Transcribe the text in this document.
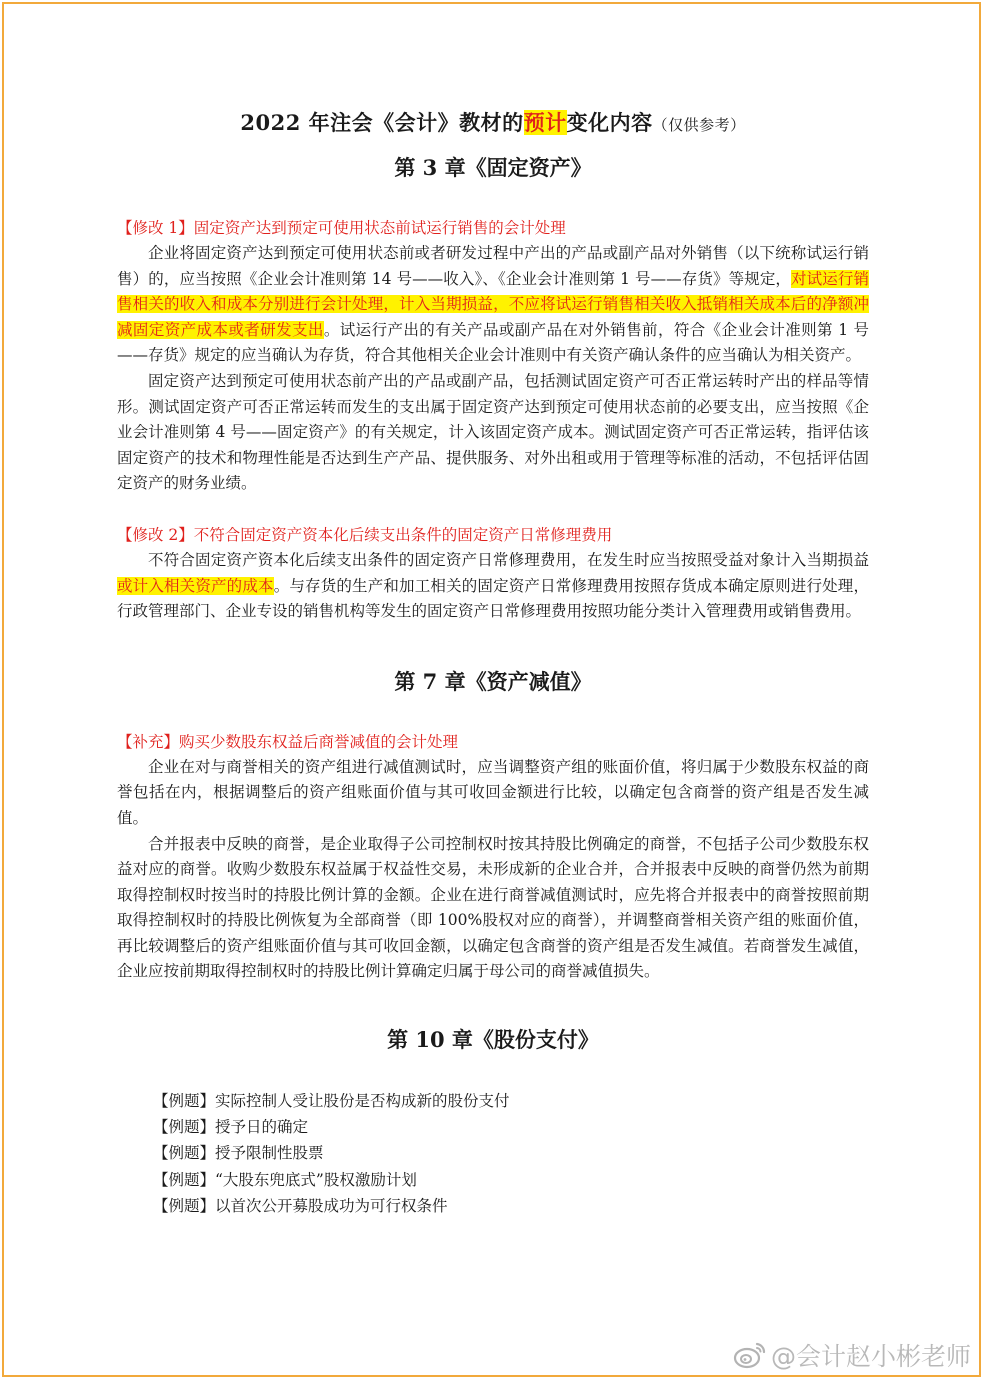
2022 年注会《会计》教材的预计变化内容（仅供参考）
第 3 章《固定资产》

【修改 1】固定资产达到预定可使用状态前试运行销售的会计处理

企业将固定资产达到预定可使用状态前或者研发过程中产出的产品或副产品对外销售（以下统称试运行销售）的，应当按照《企业会计准则第 14 号——收入》、《企业会计准则第 1 号——存货》等规定，对试运行销售相关的收入和成本分别进行会计处理，计入当期损益，不应将试运行销售相关收入抵销相关成本后的净额冲减固定资产成本或者研发支出。试运行产出的有关产品或副产品在对外销售前，符合《企业会计准则第 1 号——存货》规定的应当确认为存货，符合其他相关企业会计准则中有关资产确认条件的应当确认为相关资产。

固定资产达到预定可使用状态前产出的产品或副产品，包括测试固定资产可否正常运转时产出的样品等情形。测试固定资产可否正常运转而发生的支出属于固定资产达到预定可使用状态前的必要支出，应当按照《企业会计准则第 4 号——固定资产》的有关规定，计入该固定资产成本。测试固定资产可否正常运转，指评估该固定资产的技术和物理性能是否达到生产产品、提供服务、对外出租或用于管理等标准的活动，不包括评估固定资产的财务业绩。

【修改 2】不符合固定资产资本化后续支出条件的固定资产日常修理费用

不符合固定资产资本化后续支出条件的固定资产日常修理费用，在发生时应当按照受益对象计入当期损益或计入相关资产的成本。与存货的生产和加工相关的固定资产日常修理费用按照存货成本确定原则进行处理，行政管理部门、企业专设的销售机构等发生的固定资产日常修理费用按照功能分类计入管理费用或销售费用。

第 7 章《资产减值》

【补充】购买少数股东权益后商誉减值的会计处理

企业在对与商誉相关的资产组进行减值测试时，应当调整资产组的账面价值，将归属于少数股东权益的商誉包括在内，根据调整后的资产组账面价值与其可收回金额进行比较，以确定包含商誉的资产组是否发生减值。

合并报表中反映的商誉，是企业取得子公司控制权时按其持股比例确定的商誉，不包括子公司少数股东权益对应的商誉。收购少数股东权益属于权益性交易，未形成新的企业合并，合并报表中反映的商誉仍然为前期取得控制权时按当时的持股比例计算的金额。企业在进行商誉减值测试时，应先将合并报表中的商誉按照前期取得控制权时的持股比例恢复为全部商誉（即 100%股权对应的商誉），并调整商誉相关资产组的账面价值，再比较调整后的资产组账面价值与其可收回金额，以确定包含商誉的资产组是否发生减值。若商誉发生减值，企业应按前期取得控制权时的持股比例计算确定归属于母公司的商誉减值损失。

第 10 章《股份支付》
【例题】实际控制人受让股份是否构成新的股份支付
【例题】授予日的确定
【例题】授予限制性股票
【例题】“大股东兜底式”股权激励计划
【例题】以首次公开募股成功为可行权条件
@会计赵小彬老师
